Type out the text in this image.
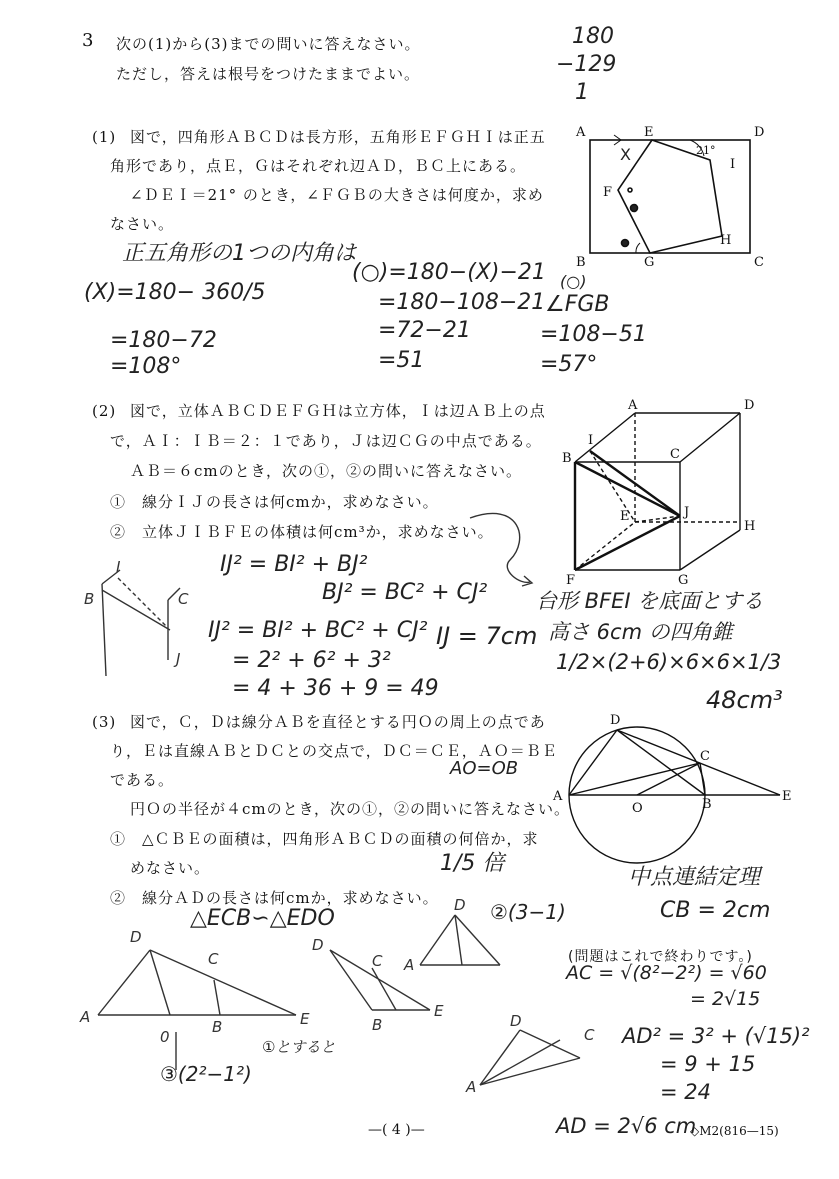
3 次の(1)から(3)までの問いに答えなさい。
ただし，答えは根号をつけたままでよい。
180
−129
1
(1) 図で，四角形ＡＢＣＤは長方形，五角形ＥＦＧＨＩは正五
角形であり，点Ｅ，Ｇはそれぞれ辺ＡＤ，ＢＣ上にある。
∠ＤＥＩ＝21° のとき，∠ＦＧＢの大きさは何度か，求め
なさい。
正五角形の1つの内角は
(X)=180− 360/5
=180−72
=108°
(○)=180−(X)−21
=180−108−21
=72−21
=51
(○)
∠FGB
=108−51
=57°
(2) 図で，立体ＡＢＣＤＥＦＧＨは立方体，Ｉは辺ＡＢ上の点
で，ＡＩ：ＩＢ＝２：１であり，Ｊは辺ＣＧの中点である。
ＡＢ＝６cmのとき，次の①，②の問いに答えなさい。
①　線分ＩＪの長さは何cmか，求めなさい。
②　立体ＪＩＢＦＥの体積は何cm³か，求めなさい。
IJ² = BI² + BJ²
BJ² = BC² + CJ²
IJ² = BI² + BC² + CJ²
= 2² + 6² + 3²
= 4 + 36 + 9 = 49
IJ = 7cm
台形 BFEI を底面とする
高さ 6cm の四角錐
1/2×(2+6)×6×6×1/3
48cm³
(3) 図で，Ｃ，Ｄは線分ＡＢを直径とする円Ｏの周上の点であ
り，Ｅは直線ＡＢとＤＣとの交点で，ＤＣ＝ＣＥ，ＡＯ＝ＢＥ
である。
円Ｏの半径が４cmのとき，次の①，②の問いに答えなさい。
①　△ＣＢＥの面積は，四角形ＡＢＣＤの面積の何倍か，求
めなさい。
②　線分ＡＤの長さは何cmか，求めなさい。
AO=OB
1/5 倍
中点連結定理
CB = 2cm
△ECB∽△EDO	②(3−1)
①とすると
③(2²−1²)
AC = √(8²−2²) = √60
= 2√15
AD² = 3² + (√15)²
= 9 + 15
= 24
AD = 2√6 cm
(問題はこれで終わりです。)
—( 4 )—	◇M2(816—15)
X
A	E	D
F
I
H
B	G	C
21°
A	D
I
B	C
E	J
H
F	G
B
I
C
J
D
C
A
O	B
E
D
A
C
E
0
B
D
C
E
B
D
A
D
A
C
